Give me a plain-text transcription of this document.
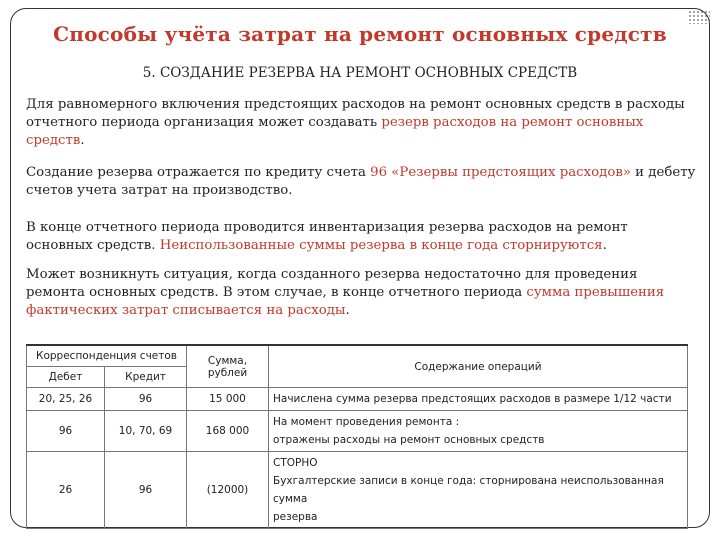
Способы учёта затрат на ремонт основных средств
5. СОЗДАНИЕ РЕЗЕРВА НА РЕМОНТ ОСНОВНЫХ СРЕДСТВ
Для равномерного включения предстоящих расходов на ремонт основных средств в расходы отчетного периода организация может создавать резерв расходов на ремонт основных средств.
Создание резерва отражается по кредиту счета 96 «Резервы предстоящих расходов» и дебету счетов учета затрат на производство.
В конце отчетного периода проводится инвентаризация резерва расходов на ремонт основных средств. Неиспользованные суммы резерва в конце года сторнируются.
Может возникнуть ситуация, когда созданного резерва недостаточно для проведения ремонта основных средств. В этом случае, в конце отчетного периода сумма превышения фактических затрат списывается на расходы.
Корреспонденция счетов		Сумма, рублей	Содержание операций
Дебет	Кредит		
20, 25, 26	96	15 000	Начислена сумма резерва предстоящих расходов в размере 1/12 части

96	10, 70, 69	168 000	На момент проведения ремонта :
отражены расходы на ремонт основных средств

26	96	(12000)	СТОРНО
Бухгалтерские записи в конце года: сторнирована неиспользованная сумма
резерва
